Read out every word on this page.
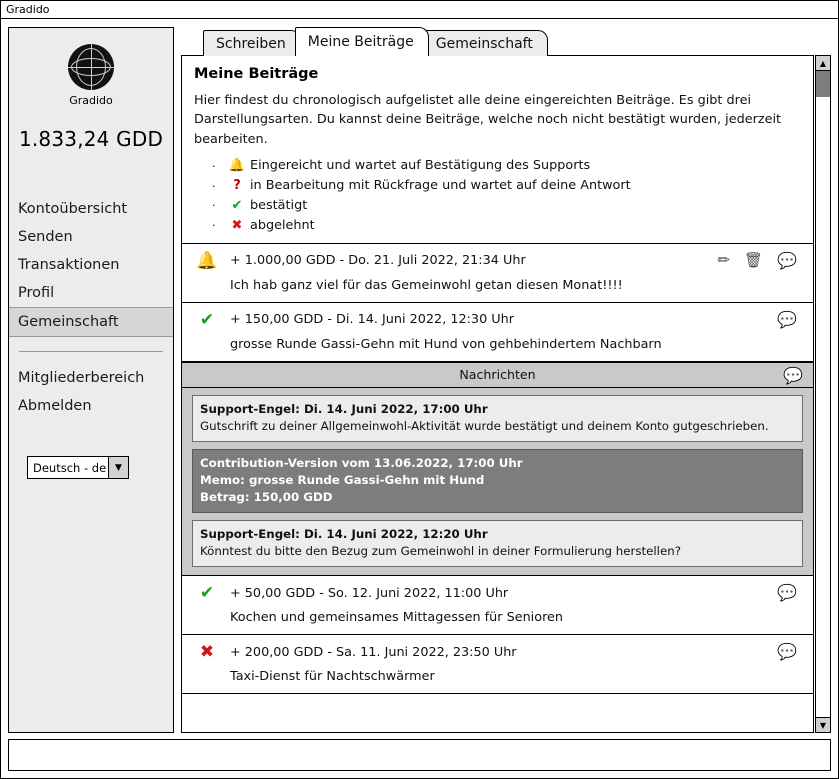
Gradido
Gradido
1.833,24 GDD
Kontoübersicht
Senden
Transaktionen
Profil
Gemeinschaft
Mitgliederbereich
Abmelden
Deutsch - de ▼
Schreiben	Meine Beiträge	Gemeinschaft
Meine Beiträge
Hier findest du chronologisch aufgelistet alle deine eingereichten Beiträge. Es gibt drei Darstellungsarten. Du kannst deine Beiträge, welche noch nicht bestätigt wurden, jederzeit bearbeiten.
·	🔔 Eingereicht und wartet auf Bestätigung des Supports
·	? in Bearbeitung mit Rückfrage und wartet auf deine Antwort
·	✔ bestätigt
·	✖ abgelehnt
🔔 + 1.000,00 GDD - Do. 21. Juli 2022, 21:34 Uhr	✏ 🗑 💬
Ich hab ganz viel für das Gemeinwohl getan diesen Monat!!!!
✔	+ 150,00 GDD - Di. 14. Juni 2022, 12:30 Uhr	💬
grosse Runde Gassi-Gehn mit Hund von gehbehindertem Nachbarn
Nachrichten	💬
Support-Engel: Di. 14. Juni 2022, 17:00 Uhr
Gutschrift zu deiner Allgemeinwohl-Aktivität wurde bestätigt und deinem Konto gutgeschrieben.
Contribution-Version vom 13.06.2022, 17:00 Uhr
Memo: grosse Runde Gassi-Gehn mit Hund
Betrag: 150,00 GDD
Support-Engel: Di. 14. Juni 2022, 12:20 Uhr
Könntest du bitte den Bezug zum Gemeinwohl in deiner Formulierung herstellen?
✔	+ 50,00 GDD - So. 12. Juni 2022, 11:00 Uhr	💬
Kochen und gemeinsames Mittagessen für Senioren
✖	+ 200,00 GDD - Sa. 11. Juni 2022, 23:50 Uhr	💬
Taxi-Dienst für Nachtschwärmer
▲
▼
